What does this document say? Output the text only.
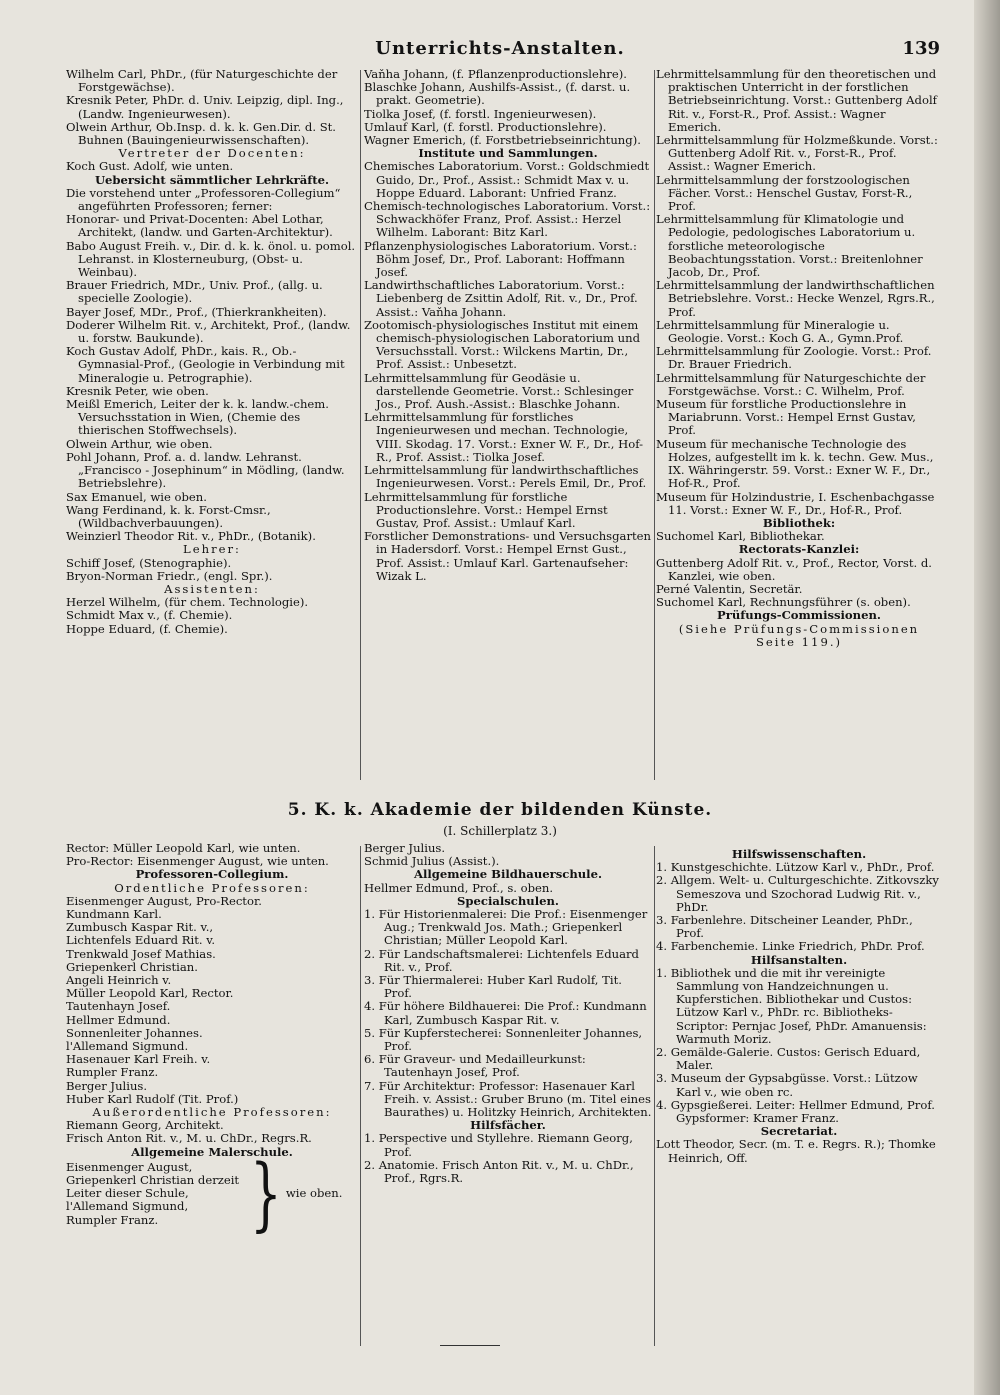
Unterrichts-Anstalten.	139

Wilhelm Carl, PhDr., (für Naturgeschichte der Forstgewächse).

Kresnik Peter, PhDr. d. Univ. Leipzig, dipl. Ing., (Landw. Ingenieurwesen).

Olwein Arthur, Ob.Insp. d. k. k. Gen.Dir. d. St. Buhnen (Bauingenieurwissenschaften).

Vertreter der Docenten:

Koch Gust. Adolf, wie unten.

Uebersicht sämmtlicher Lehrkräfte.

Die vorstehend unter „Professoren-Collegium“ angeführten Professoren; ferner:

Honorar- und Privat-Docenten: Abel Lothar, Architekt, (landw. und Garten-Architektur).

Babo August Freih. v., Dir. d. k. k. önol. u. pomol. Lehranst. in Klosterneuburg, (Obst- u. Weinbau).

Brauer Friedrich, MDr., Univ. Prof., (allg. u. specielle Zoologie).

Bayer Josef, MDr., Prof., (Thierkrankheiten).

Doderer Wilhelm Rit. v., Architekt, Prof., (landw. u. forstw. Baukunde).

Koch Gustav Adolf, PhDr., kais. R., Ob.-Gymnasial-Prof., (Geologie in Verbindung mit Mineralogie u. Petrographie).

Kresnik Peter, wie oben.

Meißl Emerich, Leiter der k. k. landw.-chem. Versuchsstation in Wien, (Chemie des thierischen Stoffwechsels).

Olwein Arthur, wie oben.

Pohl Johann, Prof. a. d. landw. Lehranst. „Francisco - Josephinum“ in Mödling, (landw. Betriebslehre).

Sax Emanuel, wie oben.

Wang Ferdinand, k. k. Forst-Cmsr., (Wildbachverbauungen).

Weinzierl Theodor Rit. v., PhDr., (Botanik).

Lehrer:

Schiff Josef, (Stenographie).

Bryon-Norman Friedr., (engl. Spr.).

Assistenten:

Herzel Wilhelm, (für chem. Technologie).

Schmidt Max v., (f. Chemie).

Hoppe Eduard, (f. Chemie).

Vaňha Johann, (f. Pflanzenproductionslehre).

Blaschke Johann, Aushilfs-Assist., (f. darst. u. prakt. Geometrie).

Tiolka Josef, (f. forstl. Ingenieurwesen).

Umlauf Karl, (f. forstl. Productionslehre).

Wagner Emerich, (f. Forstbetriebseinrichtung).

Institute und Sammlungen.

Chemisches Laboratorium. Vorst.: Goldschmiedt Guido, Dr., Prof., Assist.: Schmidt Max v. u. Hoppe Eduard. Laborant: Unfried Franz.

Chemisch-technologisches Laboratorium. Vorst.: Schwackhöfer Franz, Prof. Assist.: Herzel Wilhelm. Laborant: Bitz Karl.

Pflanzenphysiologisches Laboratorium. Vorst.: Böhm Josef, Dr., Prof. Laborant: Hoffmann Josef.

Landwirthschaftliches Laboratorium. Vorst.: Liebenberg de Zsittin Adolf, Rit. v., Dr., Prof. Assist.: Vaňha Johann.

Zootomisch-physiologisches Institut mit einem chemisch-physiologischen Laboratorium und Versuchsstall. Vorst.: Wilckens Martin, Dr., Prof. Assist.: Unbesetzt.

Lehrmittelsammlung für Geodäsie u. darstellende Geometrie. Vorst.: Schlesinger Jos., Prof. Aush.-Assist.: Blaschke Johann.

Lehrmittelsammlung für forstliches Ingenieurwesen und mechan. Technologie, VIII. Skodag. 17. Vorst.: Exner W. F., Dr., Hof-R., Prof. Assist.: Tiolka Josef.

Lehrmittelsammlung für landwirthschaftliches Ingenieurwesen. Vorst.: Perels Emil, Dr., Prof.

Lehrmittelsammlung für forstliche Productionslehre. Vorst.: Hempel Ernst Gustav, Prof. Assist.: Umlauf Karl.

Forstlicher Demonstrations- und Versuchsgarten in Hadersdorf. Vorst.: Hempel Ernst Gust., Prof. Assist.: Umlauf Karl. Gartenaufseher: Wizak L.

Lehrmittelsammlung für den theoretischen und praktischen Unterricht in der forstlichen Betriebseinrichtung. Vorst.: Guttenberg Adolf Rit. v., Forst-R., Prof. Assist.: Wagner Emerich.

Lehrmittelsammlung für Holzmeßkunde. Vorst.: Guttenberg Adolf Rit. v., Forst-R., Prof. Assist.: Wagner Emerich.

Lehrmittelsammlung der forstzoologischen Fächer. Vorst.: Henschel Gustav, Forst-R., Prof.

Lehrmittelsammlung für Klimatologie und Pedologie, pedologisches Laboratorium u. forstliche meteorologische Beobachtungsstation. Vorst.: Breitenlohner Jacob, Dr., Prof.

Lehrmittelsammlung der landwirthschaftlichen Betriebslehre. Vorst.: Hecke Wenzel, Rgrs.R., Prof.

Lehrmittelsammlung für Mineralogie u. Geologie. Vorst.: Koch G. A., Gymn.Prof.

Lehrmittelsammlung für Zoologie. Vorst.: Prof. Dr. Brauer Friedrich.

Lehrmittelsammlung für Naturgeschichte der Forstgewächse. Vorst.: C. Wilhelm, Prof.

Museum für forstliche Productionslehre in Mariabrunn. Vorst.: Hempel Ernst Gustav, Prof.

Museum für mechanische Technologie des Holzes, aufgestellt im k. k. techn. Gew. Mus., IX. Währingerstr. 59. Vorst.: Exner W. F., Dr., Hof-R., Prof.

Museum für Holzindustrie, I. Eschenbachgasse 11. Vorst.: Exner W. F., Dr., Hof-R., Prof.

Bibliothek:

Suchomel Karl, Bibliothekar.

Rectorats-Kanzlei:

Guttenberg Adolf Rit. v., Prof., Rector, Vorst. d. Kanzlei, wie oben.

Perné Valentin, Secretär.

Suchomel Karl, Rechnungsführer (s. oben).

Prüfungs-Commissionen.

(Siehe Prüfungs-Commissionen Seite 119.)

5. K. k. Akademie der bildenden Künste.
(I. Schillerplatz 3.)

Rector: Müller Leopold Karl, wie unten.

Pro-Rector: Eisenmenger August, wie unten.

Professoren-Collegium.

Ordentliche Professoren:

Eisenmenger August, Pro-Rector.

Kundmann Karl.

Zumbusch Kaspar Rit. v.,

Lichtenfels Eduard Rit. v.

Trenkwald Josef Mathias.

Griepenkerl Christian.

Angeli Heinrich v.

Müller Leopold Karl, Rector.

Tautenhayn Josef.

Hellmer Edmund.

Sonnenleiter Johannes.

l'Allemand Sigmund.

Hasenauer Karl Freih. v.

Rumpler Franz.

Berger Julius.

Huber Karl Rudolf (Tit. Prof.)

Außerordentliche Professoren:

Riemann Georg, Architekt.

Frisch Anton Rit. v., M. u. ChDr., Regrs.R.

Allgemeine Malerschule.

Eisenmenger August,

Griepenkerl Christian derzeit

Leiter dieser Schule,

l'Allemand Sigmund,

Rumpler Franz.	} wie oben.

Berger Julius.

Schmid Julius (Assist.).

Allgemeine Bildhauerschule.

Hellmer Edmund, Prof., s. oben.

Specialschulen.

1. Für Historienmalerei: Die Prof.: Eisenmenger Aug.; Trenkwald Jos. Math.; Griepenkerl Christian; Müller Leopold Karl.

2. Für Landschaftsmalerei: Lichtenfels Eduard Rit. v., Prof.

3. Für Thiermalerei: Huber Karl Rudolf, Tit. Prof.

4. Für höhere Bildhauerei: Die Prof.: Kundmann Karl, Zumbusch Kaspar Rit. v.

5. Für Kupferstecherei: Sonnenleiter Johannes, Prof.

6. Für Graveur- und Medailleurkunst: Tautenhayn Josef, Prof.

7. Für Architektur: Professor: Hasenauer Karl Freih. v. Assist.: Gruber Bruno (m. Titel eines Baurathes) u. Holitzky Heinrich, Architekten.

Hilfsfächer.

1. Perspective und Styllehre. Riemann Georg, Prof.

2. Anatomie. Frisch Anton Rit. v., M. u. ChDr., Prof., Rgrs.R.

Hilfswissenschaften.

1. Kunstgeschichte. Lützow Karl v., PhDr., Prof.

2. Allgem. Welt- u. Culturgeschichte. Zitkovszky Semeszova und Szochorad Ludwig Rit. v., PhDr.

3. Farbenlehre. Ditscheiner Leander, PhDr., Prof.

4. Farbenchemie. Linke Friedrich, PhDr. Prof.

Hilfsanstalten.

1. Bibliothek und die mit ihr vereinigte Sammlung von Handzeichnungen u. Kupferstichen. Bibliothekar und Custos: Lützow Karl v., PhDr. rc. Bibliotheks-Scriptor: Pernjac Josef, PhDr. Amanuensis: Warmuth Moriz.

2. Gemälde-Galerie. Custos: Gerisch Eduard, Maler.

3. Museum der Gypsabgüsse. Vorst.: Lützow Karl v., wie oben rc.

4. Gypsgießerei. Leiter: Hellmer Edmund, Prof. Gypsformer: Kramer Franz.

Secretariat.

Lott Theodor, Secr. (m. T. e. Regrs. R.); Thomke Heinrich, Off.
